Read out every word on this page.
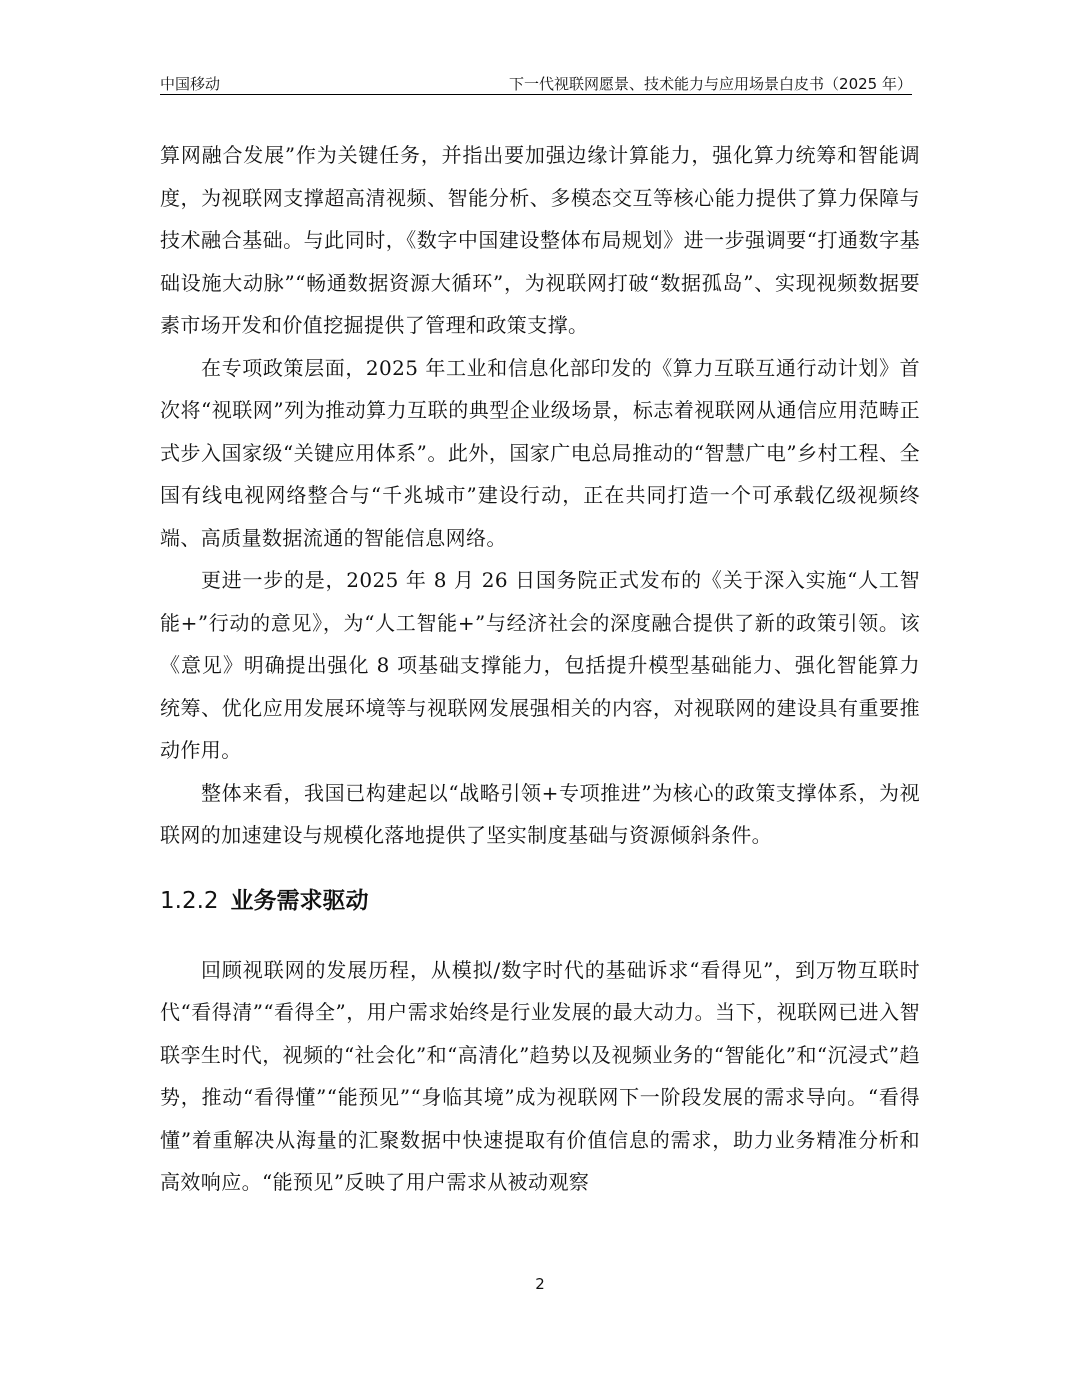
中国移动	下一代视联网愿景、技术能力与应用场景白皮书（2025 年）

算网融合发展”作为关键任务，并指出要加强边缘计算能力，强化算力统筹和智能调度，为视联网支撑超高清视频、智能分析、多模态交互等核心能力提供了算力保障与技术融合基础。与此同时，《数字中国建设整体布局规划》进一步强调要“打通数字基础设施大动脉”“畅通数据资源大循环”，为视联网打破“数据孤岛”、实现视频数据要素市场开发和价值挖掘提供了管理和政策支撑。

在专项政策层面，2025 年工业和信息化部印发的《算力互联互通行动计划》首次将“视联网”列为推动算力互联的典型企业级场景，标志着视联网从通信应用范畴正式步入国家级“关键应用体系”。此外，国家广电总局推动的“智慧广电”乡村工程、全国有线电视网络整合与“千兆城市”建设行动，正在共同打造一个可承载亿级视频终端、高质量数据流通的智能信息网络。

更进一步的是，2025 年 8 月 26 日国务院正式发布的《关于深入实施“人工智能+”行动的意见》，为“人工智能+”与经济社会的深度融合提供了新的政策引领。该《意见》明确提出强化 8 项基础支撑能力，包括提升模型基础能力、强化智能算力统筹、优化应用发展环境等与视联网发展强相关的内容，对视联网的建设具有重要推动作用。

整体来看，我国已构建起以“战略引领+专项推进”为核心的政策支撑体系，为视联网的加速建设与规模化落地提供了坚实制度基础与资源倾斜条件。

1.2.2 业务需求驱动

回顾视联网的发展历程，从模拟/数字时代的基础诉求“看得见”，到万物互联时代“看得清”“看得全”，用户需求始终是行业发展的最大动力。当下，视联网已进入智联孪生时代，视频的“社会化”和“高清化”趋势以及视频业务的“智能化”和“沉浸式”趋势，推动“看得懂”“能预见”“身临其境”成为视联网下一阶段发展的需求导向。“看得懂”着重解决从海量的汇聚数据中快速提取有价值信息的需求，助力业务精准分析和高效响应。“能预见”反映了用户需求从被动观察

2
